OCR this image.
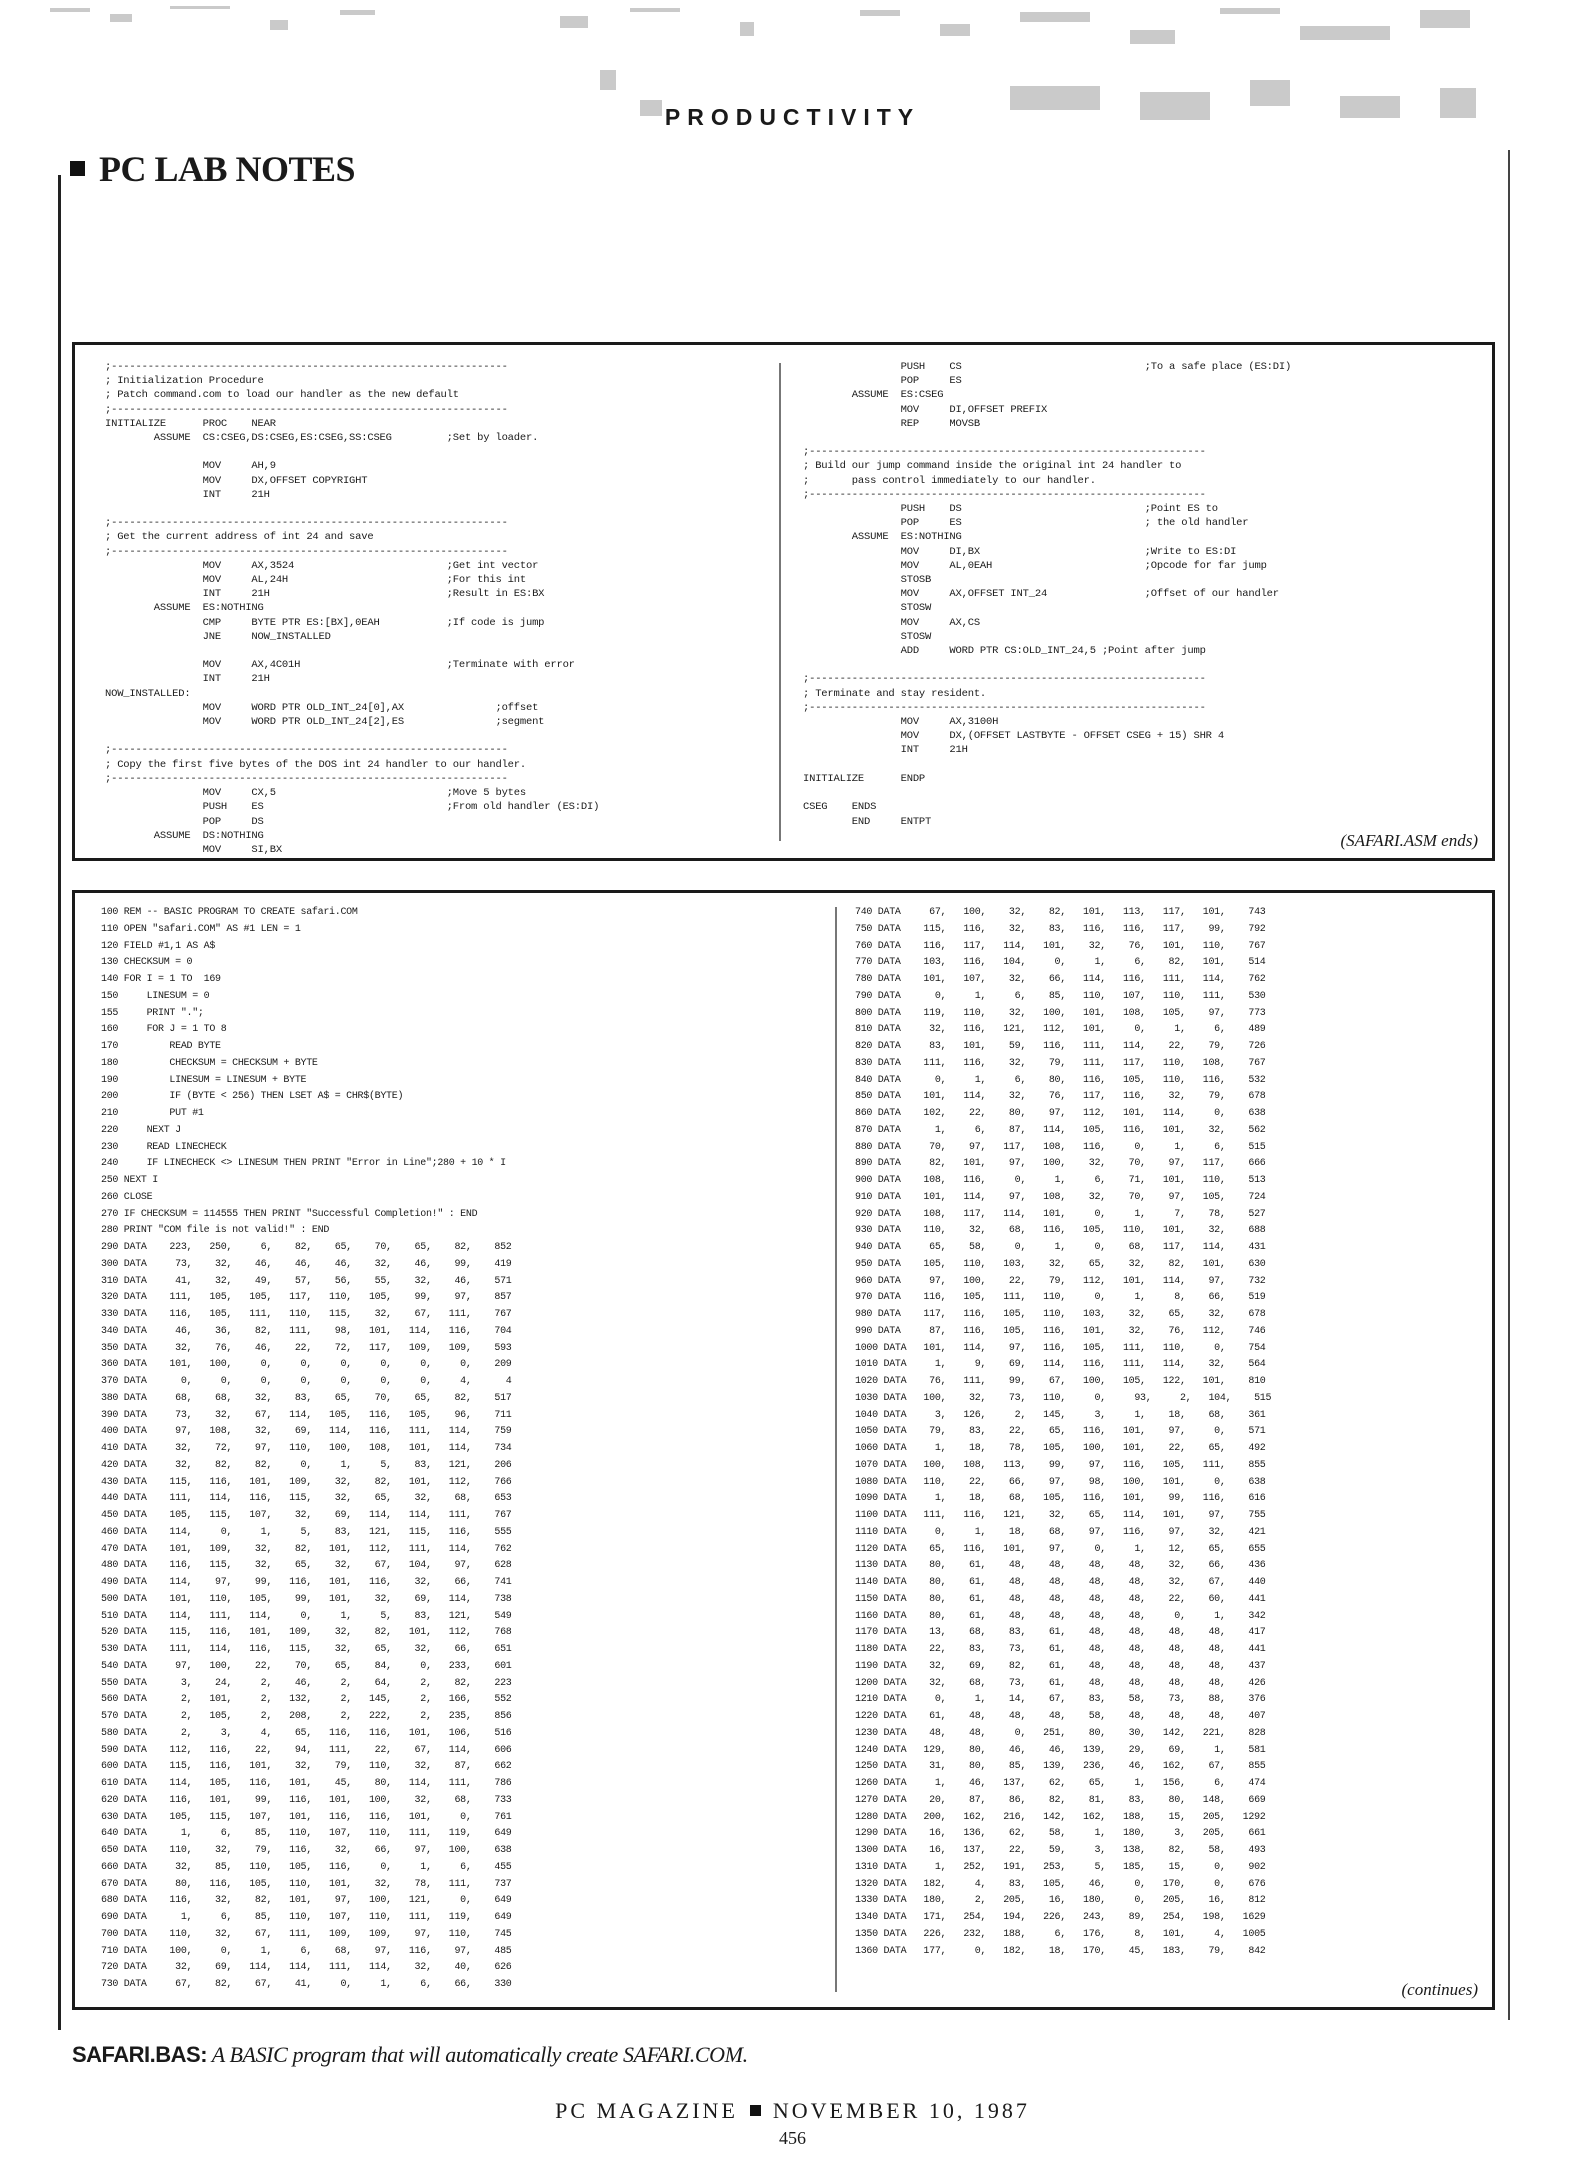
PRODUCTIVITY
PC LAB NOTES
;-----------------------------------------------------------------
; Initialization Procedure
; Patch command.com to load our handler as the new default
;-----------------------------------------------------------------
INITIALIZE      PROC    NEAR
ASSUME  CS:CSEG,DS:CSEG,ES:CSEG,SS:CSEG         ;Set by loader.

MOV     AH,9
MOV     DX,OFFSET COPYRIGHT
INT     21H

;-----------------------------------------------------------------
; Get the current address of int 24 and save
;-----------------------------------------------------------------
MOV     AX,3524                         ;Get int vector
MOV     AL,24H                          ;For this int
INT     21H                             ;Result in ES:BX
ASSUME  ES:NOTHING
CMP     BYTE PTR ES:[BX],0EAH           ;If code is jump
JNE     NOW_INSTALLED

MOV     AX,4C01H                        ;Terminate with error
INT     21H
NOW_INSTALLED:
MOV     WORD PTR OLD_INT_24[0],AX               ;offset
MOV     WORD PTR OLD_INT_24[2],ES               ;segment

;-----------------------------------------------------------------
; Copy the first five bytes of the DOS int 24 handler to our handler.
;-----------------------------------------------------------------
MOV     CX,5                            ;Move 5 bytes
PUSH    ES                              ;From old handler (ES:DI)
POP     DS
ASSUME  DS:NOTHING
MOV     SI,BX
PUSH    CS                              ;To a safe place (ES:DI)
POP     ES
ASSUME  ES:CSEG
MOV     DI,OFFSET PREFIX
REP     MOVSB

;-----------------------------------------------------------------
; Build our jump command inside the original int 24 handler to
;       pass control immediately to our handler.
;-----------------------------------------------------------------
PUSH    DS                              ;Point ES to
POP     ES                              ; the old handler
ASSUME  ES:NOTHING
MOV     DI,BX                           ;Write to ES:DI
MOV     AL,0EAH                         ;Opcode for far jump
STOSB
MOV     AX,OFFSET INT_24                ;Offset of our handler
STOSW
MOV     AX,CS
STOSW
ADD     WORD PTR CS:OLD_INT_24,5 ;Point after jump

;-----------------------------------------------------------------
; Terminate and stay resident.
;-----------------------------------------------------------------
MOV     AX,3100H
MOV     DX,(OFFSET LASTBYTE - OFFSET CSEG + 15) SHR 4
INT     21H

INITIALIZE      ENDP

CSEG    ENDS
END     ENTPT
(SAFARI.ASM ends)
100 REM -- BASIC PROGRAM TO CREATE safari.COM
110 OPEN "safari.COM" AS #1 LEN = 1
120 FIELD #1,1 AS A$
130 CHECKSUM = 0
140 FOR I = 1 TO  169
150     LINESUM = 0
155     PRINT ".";
160     FOR J = 1 TO 8
170         READ BYTE
180         CHECKSUM = CHECKSUM + BYTE
190         LINESUM = LINESUM + BYTE
200         IF (BYTE < 256) THEN LSET A$ = CHR$(BYTE)
210         PUT #1
220     NEXT J
230     READ LINECHECK
240     IF LINECHECK <> LINESUM THEN PRINT "Error in Line";280 + 10 * I
250 NEXT I
260 CLOSE
270 IF CHECKSUM = 114555 THEN PRINT "Successful Completion!" : END
280 PRINT "COM file is not valid!" : END
290 DATA    223,   250,     6,    82,    65,    70,    65,    82,    852
300 DATA     73,    32,    46,    46,    46,    32,    46,    99,    419
310 DATA     41,    32,    49,    57,    56,    55,    32,    46,    571
320 DATA    111,   105,   105,   117,   110,   105,    99,    97,    857
330 DATA    116,   105,   111,   110,   115,    32,    67,   111,    767
340 DATA     46,    36,    82,   111,    98,   101,   114,   116,    704
350 DATA     32,    76,    46,    22,    72,   117,   109,   109,    593
360 DATA    101,   100,     0,     0,     0,     0,     0,     0,    209
370 DATA      0,     0,     0,     0,     0,     0,     0,     4,      4
380 DATA     68,    68,    32,    83,    65,    70,    65,    82,    517
390 DATA     73,    32,    67,   114,   105,   116,   105,    96,    711
400 DATA     97,   108,    32,    69,   114,   116,   111,   114,    759
410 DATA     32,    72,    97,   110,   100,   108,   101,   114,    734
420 DATA     32,    82,    82,     0,     1,     5,    83,   121,    206
430 DATA    115,   116,   101,   109,    32,    82,   101,   112,    766
440 DATA    111,   114,   116,   115,    32,    65,    32,    68,    653
450 DATA    105,   115,   107,    32,    69,   114,   114,   111,    767
460 DATA    114,     0,     1,     5,    83,   121,   115,   116,    555
470 DATA    101,   109,    32,    82,   101,   112,   111,   114,    762
480 DATA    116,   115,    32,    65,    32,    67,   104,    97,    628
490 DATA    114,    97,    99,   116,   101,   116,    32,    66,    741
500 DATA    101,   110,   105,    99,   101,    32,    69,   114,    738
510 DATA    114,   111,   114,     0,     1,     5,    83,   121,    549
520 DATA    115,   116,   101,   109,    32,    82,   101,   112,    768
530 DATA    111,   114,   116,   115,    32,    65,    32,    66,    651
540 DATA     97,   100,    22,    70,    65,    84,     0,   233,    601
550 DATA      3,    24,     2,    46,     2,    64,     2,    82,    223
560 DATA      2,   101,     2,   132,     2,   145,     2,   166,    552
570 DATA      2,   105,     2,   208,     2,   222,     2,   235,    856
580 DATA      2,     3,     4,    65,   116,   116,   101,   106,    516
590 DATA    112,   116,    22,    94,   111,    22,    67,   114,    606
600 DATA    115,   116,   101,    32,    79,   110,    32,    87,    662
610 DATA    114,   105,   116,   101,    45,    80,   114,   111,    786
620 DATA    116,   101,    99,   116,   101,   100,    32,    68,    733
630 DATA    105,   115,   107,   101,   116,   116,   101,     0,    761
640 DATA      1,     6,    85,   110,   107,   110,   111,   119,    649
650 DATA    110,    32,    79,   116,    32,    66,    97,   100,    638
660 DATA     32,    85,   110,   105,   116,     0,     1,     6,    455
670 DATA     80,   116,   105,   110,   101,    32,    78,   111,    737
680 DATA    116,    32,    82,   101,    97,   100,   121,     0,    649
690 DATA      1,     6,    85,   110,   107,   110,   111,   119,    649
700 DATA    110,    32,    67,   111,   109,   109,    97,   110,    745
710 DATA    100,     0,     1,     6,    68,    97,   116,    97,    485
720 DATA     32,    69,   114,   114,   111,   114,    32,    40,    626
730 DATA     67,    82,    67,    41,     0,     1,     6,    66,    330
740 DATA     67,   100,    32,    82,   101,   113,   117,   101,    743
750 DATA    115,   116,    32,    83,   116,   116,   117,    99,    792
760 DATA    116,   117,   114,   101,    32,    76,   101,   110,    767
770 DATA    103,   116,   104,     0,     1,     6,    82,   101,    514
780 DATA    101,   107,    32,    66,   114,   116,   111,   114,    762
790 DATA      0,     1,     6,    85,   110,   107,   110,   111,    530
800 DATA    119,   110,    32,   100,   101,   108,   105,    97,    773
810 DATA     32,   116,   121,   112,   101,     0,     1,     6,    489
820 DATA     83,   101,    59,   116,   111,   114,    22,    79,    726
830 DATA    111,   116,    32,    79,   111,   117,   110,   108,    767
840 DATA      0,     1,     6,    80,   116,   105,   110,   116,    532
850 DATA    101,   114,    32,    76,   117,   116,    32,    79,    678
860 DATA    102,    22,    80,    97,   112,   101,   114,     0,    638
870 DATA      1,     6,    87,   114,   105,   116,   101,    32,    562
880 DATA     70,    97,   117,   108,   116,     0,     1,     6,    515
890 DATA     82,   101,    97,   100,    32,    70,    97,   117,    666
900 DATA    108,   116,     0,     1,     6,    71,   101,   110,    513
910 DATA    101,   114,    97,   108,    32,    70,    97,   105,    724
920 DATA    108,   117,   114,   101,     0,     1,     7,    78,    527
930 DATA    110,    32,    68,   116,   105,   110,   101,    32,    688
940 DATA     65,    58,     0,     1,     0,    68,   117,   114,    431
950 DATA    105,   110,   103,    32,    65,    32,    82,   101,    630
960 DATA     97,   100,    22,    79,   112,   101,   114,    97,    732
970 DATA    116,   105,   111,   110,     0,     1,     8,    66,    519
980 DATA    117,   116,   105,   110,   103,    32,    65,    32,    678
990 DATA     87,   116,   105,   116,   101,    32,    76,   112,    746
1000 DATA   101,   114,    97,   116,   105,   111,   110,     0,    754
1010 DATA     1,     9,    69,   114,   116,   111,   114,    32,    564
1020 DATA    76,   111,    99,    67,   100,   105,   122,   101,    810
1030 DATA   100,    32,    73,   110,     0,     93,     2,   104,    515
1040 DATA     3,   126,     2,   145,     3,     1,    18,    68,    361
1050 DATA    79,    83,    22,    65,   116,   101,    97,     0,    571
1060 DATA     1,    18,    78,   105,   100,   101,    22,    65,    492
1070 DATA   100,   108,   113,    99,    97,   116,   105,   111,    855
1080 DATA   110,    22,    66,    97,    98,   100,   101,     0,    638
1090 DATA     1,    18,    68,   105,   116,   101,    99,   116,    616
1100 DATA   111,   116,   121,    32,    65,   114,   101,    97,    755
1110 DATA     0,     1,    18,    68,    97,   116,    97,    32,    421
1120 DATA    65,   116,   101,    97,     0,     1,    12,    65,    655
1130 DATA    80,    61,    48,    48,    48,    48,    32,    66,    436
1140 DATA    80,    61,    48,    48,    48,    48,    32,    67,    440
1150 DATA    80,    61,    48,    48,    48,    48,    22,    60,    441
1160 DATA    80,    61,    48,    48,    48,    48,     0,     1,    342
1170 DATA    13,    68,    83,    61,    48,    48,    48,    48,    417
1180 DATA    22,    83,    73,    61,    48,    48,    48,    48,    441
1190 DATA    32,    69,    82,    61,    48,    48,    48,    48,    437
1200 DATA    32,    68,    73,    61,    48,    48,    48,    48,    426
1210 DATA     0,     1,    14,    67,    83,    58,    73,    88,    376
1220 DATA    61,    48,    48,    48,    58,    48,    48,    48,    407
1230 DATA    48,    48,     0,   251,    80,    30,   142,   221,    828
1240 DATA   129,    80,    46,    46,   139,    29,    69,     1,    581
1250 DATA    31,    80,    85,   139,   236,    46,   162,    67,    855
1260 DATA     1,    46,   137,    62,    65,     1,   156,     6,    474
1270 DATA    20,    87,    86,    82,    81,    83,    80,   148,    669
1280 DATA   200,   162,   216,   142,   162,   188,    15,   205,   1292
1290 DATA    16,   136,    62,    58,     1,   180,     3,   205,    661
1300 DATA    16,   137,    22,    59,     3,   138,    82,    58,    493
1310 DATA     1,   252,   191,   253,     5,   185,    15,     0,    902
1320 DATA   182,     4,    83,   105,    46,     0,   170,     0,    676
1330 DATA   180,     2,   205,    16,   180,     0,   205,    16,    812
1340 DATA   171,   254,   194,   226,   243,    89,   254,   198,   1629
1350 DATA   226,   232,   188,     6,   176,     8,   101,     4,   1005
1360 DATA   177,     0,   182,    18,   170,    45,   183,    79,    842
(continues)
SAFARI.BAS: A BASIC program that will automatically create SAFARI.COM.
PC MAGAZINE NOVEMBER 10, 1987
456
